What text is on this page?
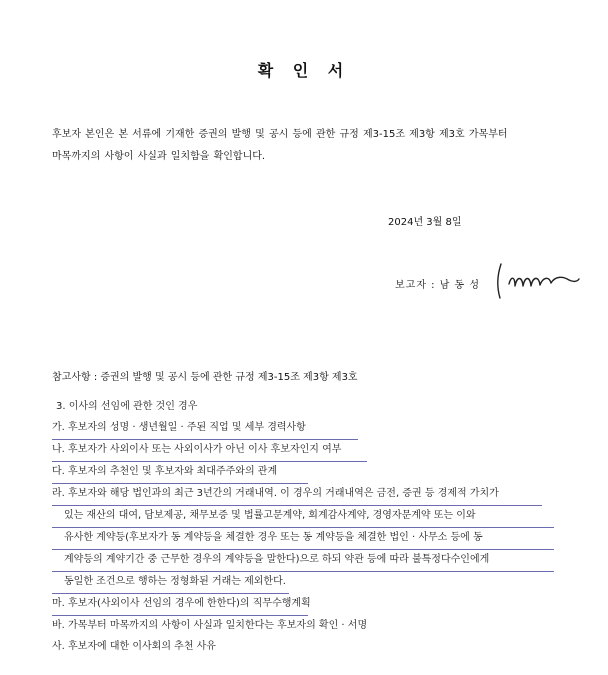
확 인 서
후보자 본인은 본 서류에 기재한 증권의 발행 및 공시 등에 관한 규정 제3-15조 제3항 제3호 가목부터
마목까지의 사항이 사실과 일치함을 확인합니다.
2024년 3월 8일
보고자 : 남 동 성
참고사항 : 증권의 발행 및 공시 등에 관한 규정 제3-15조 제3항 제3호
3. 이사의 선임에 관한 것인 경우
가. 후보자의 성명 · 생년월일 · 주된 직업 및 세부 경력사항
나. 후보자가 사외이사 또는 사외이사가 아닌 이사 후보자인지 여부
다. 후보자의 추천인 및 후보자와 최대주주와의 관계
라. 후보자와 해당 법인과의 최근 3년간의 거래내역. 이 경우의 거래내역은 금전, 증권 등 경제적 가치가
있는 재산의 대여, 담보제공, 채무보증 및 법률고문계약, 회계감사계약, 경영자문계약 또는 이와
유사한 계약등(후보자가 동 계약등을 체결한 경우 또는 동 계약등을 체결한 법인 · 사무소 등에 동
계약등의 계약기간 중 근무한 경우의 계약등을 말한다)으로 하되 약관 등에 따라 불특정다수인에게
동일한 조건으로 행하는 정형화된 거래는 제외한다.
마. 후보자(사외이사 선임의 경우에 한한다)의 직무수행계획
바. 가목부터 마목까지의 사항이 사실과 일치한다는 후보자의 확인 · 서명
사. 후보자에 대한 이사회의 추천 사유
